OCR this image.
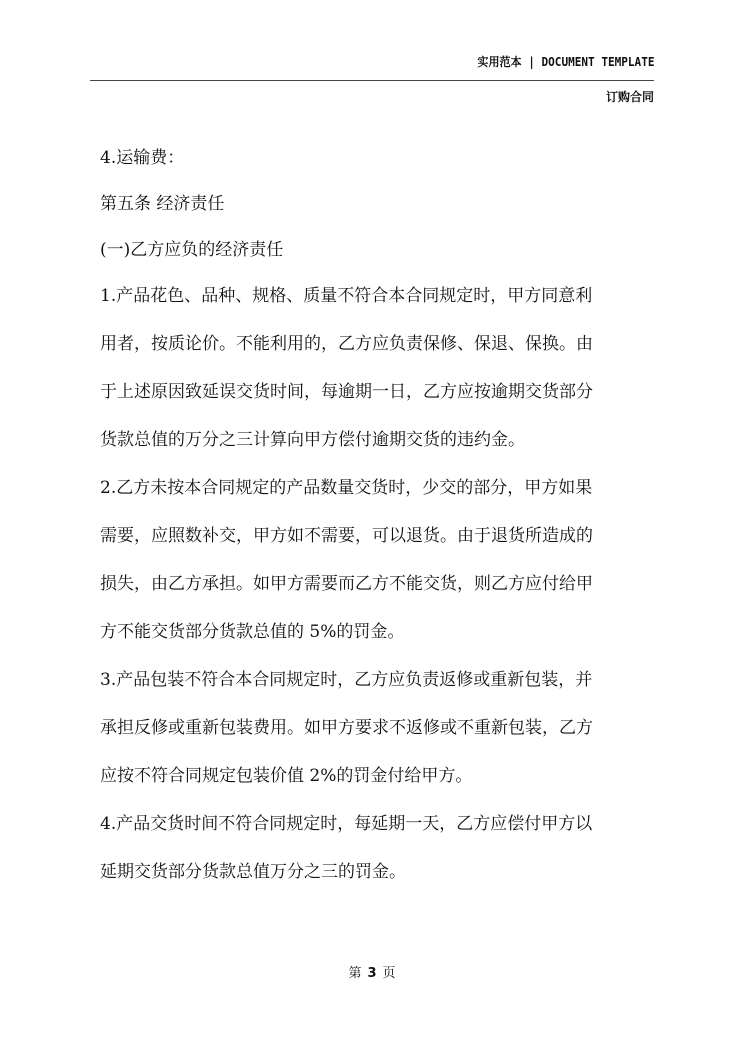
实用范本 | DOCUMENT TEMPLATE
订购合同
4.运输费：
第五条 经济责任
(一)乙方应负的经济责任
1.产品花色、品种、规格、质量不符合本合同规定时，甲方同意利
用者，按质论价。不能利用的，乙方应负责保修、保退、保换。由
于上述原因致延误交货时间，每逾期一日，乙方应按逾期交货部分
货款总值的万分之三计算向甲方偿付逾期交货的违约金。
2.乙方未按本合同规定的产品数量交货时，少交的部分，甲方如果
需要，应照数补交，甲方如不需要，可以退货。由于退货所造成的
损失，由乙方承担。如甲方需要而乙方不能交货，则乙方应付给甲
方不能交货部分货款总值的 5%的罚金。
3.产品包装不符合本合同规定时，乙方应负责返修或重新包装，并
承担反修或重新包装费用。如甲方要求不返修或不重新包装，乙方
应按不符合同规定包装价值 2%的罚金付给甲方。
4.产品交货时间不符合同规定时，每延期一天，乙方应偿付甲方以
延期交货部分货款总值万分之三的罚金。
第 3 页
